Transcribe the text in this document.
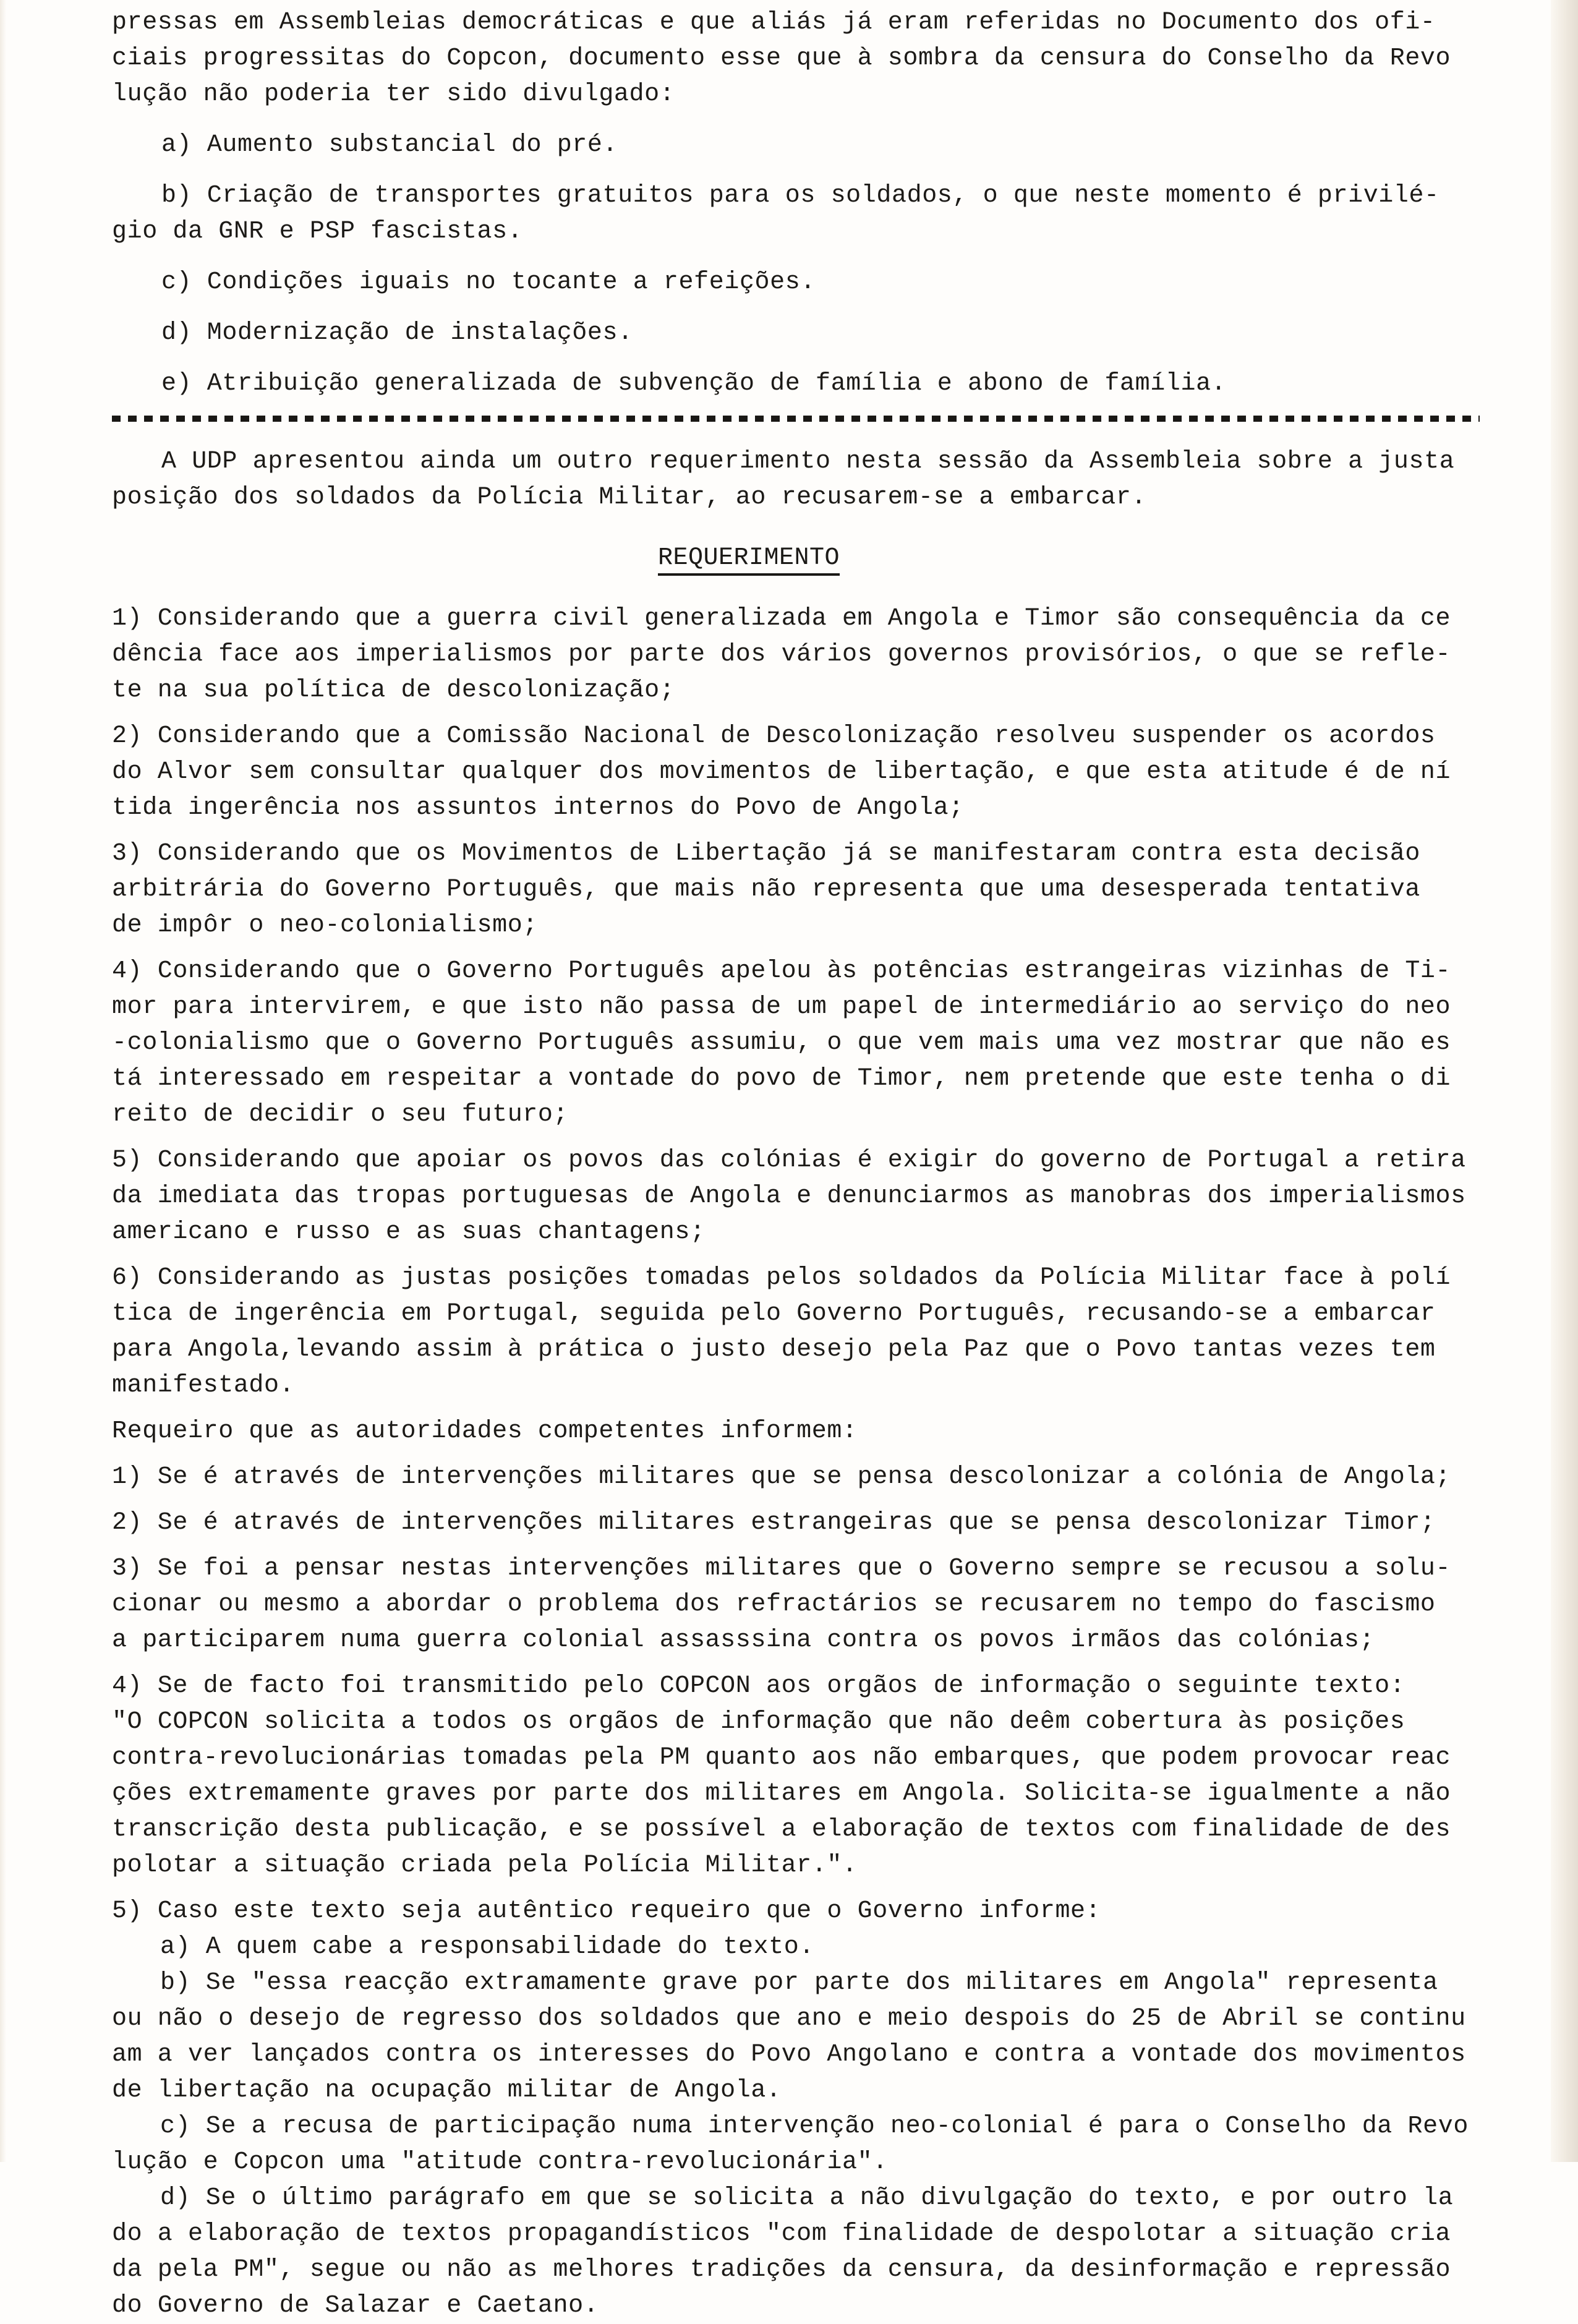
pressas em Assembleias democráticas e que aliás já eram referidas no Documento dos ofi-
ciais progressitas do Copcon, documento esse que à sombra da censura do Conselho da Revo
lução não poderia ter sido divulgado:
a) Aumento substancial do pré.
b) Criação de transportes gratuitos para os soldados, o que neste momento é privilé-
gio da GNR e PSP fascistas.
c) Condições iguais no tocante a refeições.
d) Modernização de instalações.
e) Atribuição generalizada de subvenção de família e abono de família.
A UDP apresentou ainda um outro requerimento nesta sessão da Assembleia sobre a justa
posição dos soldados da Polícia Militar, ao recusarem-se a embarcar.
REQUERIMENTO
1) Considerando que a guerra civil generalizada em Angola e Timor são consequência da ce
dência face aos imperialismos por parte dos vários governos provisórios, o que se refle-
te na sua política de descolonização;
2) Considerando que a Comissão Nacional de Descolonização resolveu suspender os acordos
do Alvor sem consultar qualquer dos movimentos de libertação, e que esta atitude é de ní
tida ingerência nos assuntos internos do Povo de Angola;
3) Considerando que os Movimentos de Libertação já se manifestaram contra esta decisão
arbitrária do Governo Português, que mais não representa que uma desesperada tentativa
de impôr o neo-colonialismo;
4) Considerando que o Governo Português apelou às potências estrangeiras vizinhas de Ti-
mor para intervirem, e que isto não passa de um papel de intermediário ao serviço do neo
-colonialismo que o Governo Português assumiu, o que vem mais uma vez mostrar que não es
tá interessado em respeitar a vontade do povo de Timor, nem pretende que este tenha o di
reito de decidir o seu futuro;
5) Considerando que apoiar os povos das colónias é exigir do governo de Portugal a retira
da imediata das tropas portuguesas de Angola e denunciarmos as manobras dos imperialismos
americano e russo e as suas chantagens;
6) Considerando as justas posições tomadas pelos soldados da Polícia Militar face à polí
tica de ingerência em Portugal, seguida pelo Governo Português, recusando-se a embarcar
para Angola,levando assim à prática o justo desejo pela Paz que o Povo tantas vezes tem
manifestado.
Requeiro que as autoridades competentes informem:
1) Se é através de intervenções militares que se pensa descolonizar a colónia de Angola;
2) Se é através de intervenções militares estrangeiras que se pensa descolonizar Timor;
3) Se foi a pensar nestas intervenções militares que o Governo sempre se recusou a solu-
cionar ou mesmo a abordar o problema dos refractários se recusarem no tempo do fascismo
a participarem numa guerra colonial assasssina contra os povos irmãos das colónias;
4) Se de facto foi transmitido pelo COPCON aos orgãos de informação o seguinte texto:
"O COPCON solicita a todos os orgãos de informação que não deêm cobertura às posições
contra-revolucionárias tomadas pela PM quanto aos não embarques, que podem provocar reac
ções extremamente graves por parte dos militares em Angola. Solicita-se igualmente a não
transcrição desta publicação, e se possível a elaboração de textos com finalidade de des
polotar a situação criada pela Polícia Militar.".
5) Caso este texto seja autêntico requeiro que o Governo informe:
a) A quem cabe a responsabilidade do texto.
b) Se "essa reacção extramamente grave por parte dos militares em Angola" representa
ou não o desejo de regresso dos soldados que ano e meio despois do 25 de Abril se continu
am a ver lançados contra os interesses do Povo Angolano e contra a vontade dos movimentos
de libertação na ocupação militar de Angola.
c) Se a recusa de participação numa intervenção neo-colonial é para o Conselho da Revo
lução e Copcon uma "atitude contra-revolucionária".
d) Se o último parágrafo em que se solicita a não divulgação do texto, e por outro la
do a elaboração de textos propagandísticos "com finalidade de despolotar a situação cria
da pela PM", segue ou não as melhores tradições da censura, da desinformação e repressão
do Governo de Salazar e Caetano.
